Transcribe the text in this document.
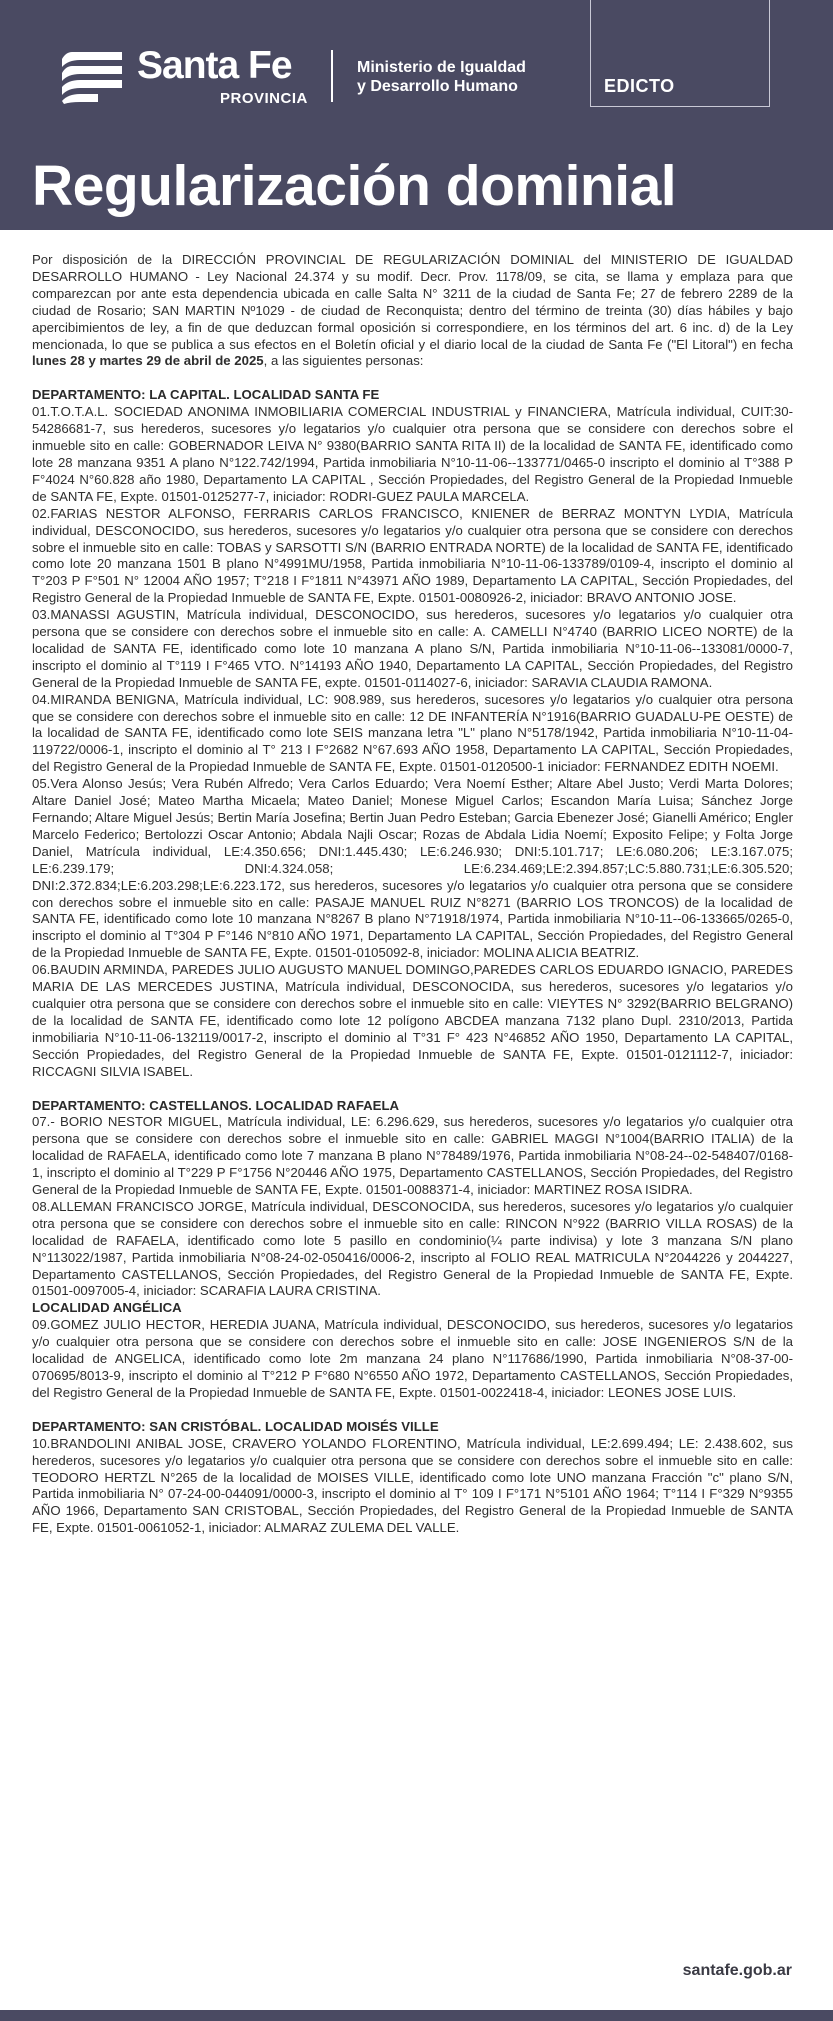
Santa Fe
PROVINCIA
Ministerio de Igualdad
y Desarrollo Humano	EDICTO
Regularización dominial

Por disposición de la DIRECCIÓN PROVINCIAL DE REGULARIZACIÓN DOMINIAL del MINISTERIO DE IGUALDAD DESARROLLO HUMANO - Ley Nacional 24.374 y su modif. Decr. Prov. 1178/09, se cita, se llama y emplaza para que comparezcan por ante esta dependencia ubicada en calle Salta N° 3211 de la ciudad de Santa Fe; 27 de febrero 2289 de la ciudad de Rosario; SAN MARTIN Nº1029 - de ciudad de Reconquista; dentro del término de treinta (30) días hábiles y bajo apercibimientos de ley, a fin de que deduzcan formal oposición si correspondiere, en los términos del art. 6 inc. d) de la Ley mencionada, lo que se publica a sus efectos en el Boletín oficial y el diario local de la ciudad de Santa Fe ("El Litoral") en fecha lunes 28 y martes 29 de abril de 2025, a las siguientes personas:

DEPARTAMENTO: LA CAPITAL. LOCALIDAD SANTA FE

01.T.O.T.A.L. SOCIEDAD ANONIMA INMOBILIARIA COMERCIAL INDUSTRIAL y FINANCIERA, Matrícula individual, CUIT:30-54286681-7, sus herederos, sucesores y/o legatarios y/o cualquier otra persona que se considere con derechos sobre el inmueble sito en calle: GOBERNADOR LEIVA N° 9380(BARRIO SANTA RITA II) de la localidad de SANTA FE, identificado como lote 28 manzana 9351 A plano N°122.742/1994, Partida inmobiliaria N°10-11-06--133771/0465-0 inscripto el dominio al T°388 P F°4024 N°60.828 año 1980, Departamento LA CAPITAL , Sección Propiedades, del Registro General de la Propiedad Inmueble de SANTA FE, Expte. 01501-0125277-7, iniciador: RODRI-GUEZ PAULA MARCELA.

02.FARIAS NESTOR ALFONSO, FERRARIS CARLOS FRANCISCO, KNIENER de BERRAZ MONTYN LYDIA, Matrícula individual, DESCONOCIDO, sus herederos, sucesores y/o legatarios y/o cualquier otra persona que se considere con derechos sobre el inmueble sito en calle: TOBAS y SARSOTTI S/N (BARRIO ENTRADA NORTE) de la localidad de SANTA FE, identificado como lote 20 manzana 1501 B plano N°4991MU/1958, Partida inmobiliaria N°10-11-06-133789/0109-4, inscripto el dominio al T°203 P F°501 N° 12004 AÑO 1957; T°218 I F°1811 N°43971 AÑO 1989, Departamento LA CAPITAL, Sección Propiedades, del Registro General de la Propiedad Inmueble de SANTA FE, Expte. 01501-0080926-2, iniciador: BRAVO ANTONIO JOSE.

03.MANASSI AGUSTIN, Matrícula individual, DESCONOCIDO, sus herederos, sucesores y/o legatarios y/o cualquier otra persona que se considere con derechos sobre el inmueble sito en calle: A. CAMELLI N°4740 (BARRIO LICEO NORTE) de la localidad de SANTA FE, identificado como lote 10 manzana A plano S/N, Partida inmobiliaria N°10-11-06--133081/0000-7, inscripto el dominio al T°119 I F°465 VTO. N°14193 AÑO 1940, Departamento LA CAPITAL, Sección Propiedades, del Registro General de la Propiedad Inmueble de SANTA FE, expte. 01501-0114027-6, iniciador: SARAVIA CLAUDIA RAMONA.

04.MIRANDA BENIGNA, Matrícula individual, LC: 908.989, sus herederos, sucesores y/o legatarios y/o cualquier otra persona que se considere con derechos sobre el inmueble sito en calle: 12 DE INFANTERÍA N°1916(BARRIO GUADALU-PE OESTE) de la localidad de SANTA FE, identificado como lote SEIS manzana letra "L" plano N°5178/1942, Partida inmobiliaria N°10-11-04-119722/0006-1, inscripto el dominio al T° 213 I F°2682 N°67.693 AÑO 1958, Departamento LA CAPITAL, Sección Propiedades, del Registro General de la Propiedad Inmueble de SANTA FE, Expte. 01501-0120500-1 iniciador: FERNANDEZ EDITH NOEMI.

05.Vera Alonso Jesús; Vera Rubén Alfredo; Vera Carlos Eduardo; Vera Noemí Esther; Altare Abel Justo; Verdi Marta Dolores; Altare Daniel José; Mateo Martha Micaela; Mateo Daniel; Monese Miguel Carlos; Escandon María Luisa; Sánchez Jorge Fernando; Altare Miguel Jesús; Bertin María Josefina; Bertin Juan Pedro Esteban; Garcia Ebenezer José; Gianelli Américo; Engler Marcelo Federico; Bertolozzi Oscar Antonio; Abdala Najli Oscar; Rozas de Abdala Lidia Noemí; Exposito Felipe; y Folta Jorge Daniel, Matrícula individual, LE:4.350.656; DNI:1.445.430; LE:6.246.930; DNI:5.101.717; LE:6.080.206; LE:3.167.075; LE:6.239.179; DNI:4.324.058; LE:6.234.469;LE:2.394.857;LC:5.880.731;LE:6.305.520; DNI:2.372.834;LE:6.203.298;LE:6.223.172, sus herederos, sucesores y/o legatarios y/o cualquier otra persona que se considere con derechos sobre el inmueble sito en calle: PASAJE MANUEL RUIZ N°8271 (BARRIO LOS TRONCOS) de la localidad de SANTA FE, identificado como lote 10 manzana N°8267 B plano N°71918/1974, Partida inmobiliaria N°10-11--06-133665/0265-0, inscripto el dominio al T°304 P F°146 N°810 AÑO 1971, Departamento LA CAPITAL, Sección Propiedades, del Registro General de la Propiedad Inmueble de SANTA FE, Expte. 01501-0105092-8, iniciador: MOLINA ALICIA BEATRIZ.

06.BAUDIN ARMINDA, PAREDES JULIO AUGUSTO MANUEL DOMINGO,PAREDES CARLOS EDUARDO IGNACIO, PAREDES MARIA DE LAS MERCEDES JUSTINA, Matrícula individual, DESCONOCIDA, sus herederos, sucesores y/o legatarios y/o cualquier otra persona que se considere con derechos sobre el inmueble sito en calle: VIEYTES N° 3292(BARRIO BELGRANO) de la localidad de SANTA FE, identificado como lote 12 polígono ABCDEA manzana 7132 plano Dupl. 2310/2013, Partida inmobiliaria N°10-11-06-132119/0017-2, inscripto el dominio al T°31 F° 423 N°46852 AÑO 1950, Departamento LA CAPITAL, Sección Propiedades, del Registro General de la Propiedad Inmueble de SANTA FE, Expte. 01501-0121112-7, iniciador: RICCAGNI SILVIA ISABEL.

DEPARTAMENTO: CASTELLANOS. LOCALIDAD RAFAELA

07.- BORIO NESTOR MIGUEL, Matrícula individual, LE: 6.296.629, sus herederos, sucesores y/o legatarios y/o cualquier otra persona que se considere con derechos sobre el inmueble sito en calle: GABRIEL MAGGI N°1004(BARRIO ITALIA) de la localidad de RAFAELA, identificado como lote 7 manzana B plano N°78489/1976, Partida inmobiliaria N°08-24--02-548407/0168-1, inscripto el dominio al T°229 P F°1756 N°20446 AÑO 1975, Departamento CASTELLANOS, Sección Propiedades, del Registro General de la Propiedad Inmueble de SANTA FE, Expte. 01501-0088371-4, iniciador: MARTINEZ ROSA ISIDRA.

08.ALLEMAN FRANCISCO JORGE, Matrícula individual, DESCONOCIDA, sus herederos, sucesores y/o legatarios y/o cualquier otra persona que se considere con derechos sobre el inmueble sito en calle: RINCON N°922 (BARRIO VILLA ROSAS) de la localidad de RAFAELA, identificado como lote 5 pasillo en condominio(¼ parte indivisa) y lote 3 manzana S/N plano N°113022/1987, Partida inmobiliaria N°08-24-02-050416/0006-2, inscripto al FOLIO REAL MATRICULA N°2044226 y 2044227, Departamento CASTELLANOS, Sección Propiedades, del Registro General de la Propiedad Inmueble de SANTA FE, Expte. 01501-0097005-4, iniciador: SCARAFIA LAURA CRISTINA.

LOCALIDAD ANGÉLICA

09.GOMEZ JULIO HECTOR, HEREDIA JUANA, Matrícula individual, DESCONOCIDO, sus herederos, sucesores y/o legatarios y/o cualquier otra persona que se considere con derechos sobre el inmueble sito en calle: JOSE INGENIEROS S/N de la localidad de ANGELICA, identificado como lote 2m manzana 24 plano N°117686/1990, Partida inmobiliaria N°08-37-00-070695/8013-9, inscripto el dominio al T°212 P F°680 N°6550 AÑO 1972, Departamento CASTELLANOS, Sección Propiedades, del Registro General de la Propiedad Inmueble de SANTA FE, Expte. 01501-0022418-4, iniciador: LEONES JOSE LUIS.

DEPARTAMENTO: SAN CRISTÓBAL. LOCALIDAD MOISÉS VILLE

10.BRANDOLINI ANIBAL JOSE, CRAVERO YOLANDO FLORENTINO, Matrícula individual, LE:2.699.494; LE: 2.438.602, sus herederos, sucesores y/o legatarios y/o cualquier otra persona que se considere con derechos sobre el inmueble sito en calle: TEODORO HERTZL N°265 de la localidad de MOISES VILLE, identificado como lote UNO manzana Fracción "c" plano S/N, Partida inmobiliaria N° 07-24-00-044091/0000-3, inscripto el dominio al T° 109 I F°171 N°5101 AÑO 1964; T°114 I F°329 N°9355 AÑO 1966, Departamento SAN CRISTOBAL, Sección Propiedades, del Registro General de la Propiedad Inmueble de SANTA FE, Expte. 01501-0061052-1, iniciador: ALMARAZ ZULEMA DEL VALLE.

santafe.gob.ar
